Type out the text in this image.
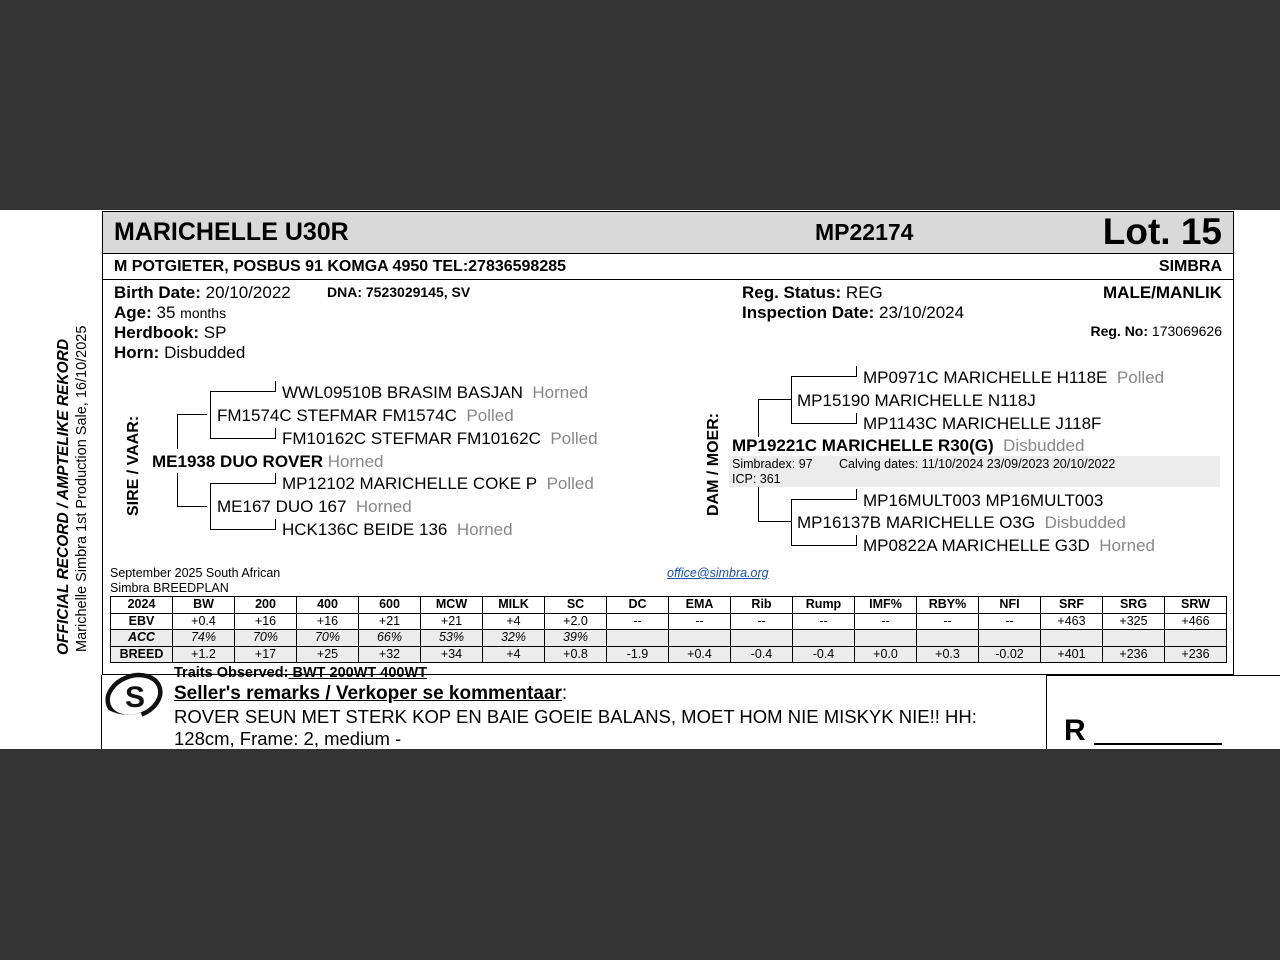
MARICHELLE U30R	MP22174	Lot. 15
M POTGIETER, POSBUS 91 KOMGA 4950 TEL:27836598285	SIMBRA
Birth Date: 20/10/2022	DNA: 7523029145, SV
Age: 35 months
Herdbook: SP
Horn: Disbudded
Reg. Status: REG	MALE/MANLIK
Inspection Date: 23/10/2024
Reg. No: 173069626
OFFICIAL RECORD / AMPTELIKE REKORD Marichelle Simbra 1st Production Sale, 16/10/2025 SIRE / VAAR:	DAM / MOER:
WWL09510B BRASIM BASJAN Horned
FM1574C STEFMAR FM1574C Polled
FM10162C STEFMAR FM10162C Polled
ME1938 DUO ROVER Horned
MP12102 MARICHELLE COKE P Polled
ME167 DUO 167 Horned
HCK136C BEIDE 136 Horned
MP0971C MARICHELLE H118E Polled
MP15190 MARICHELLE N118J
MP1143C MARICHELLE J118F
MP19221C MARICHELLE R30(G) Disbudded
Simbradex: 97 Calving dates: 11/10/2024 23/09/2023 20/10/2022
ICP: 361
MP16MULT003 MP16MULT003
MP16137B MARICHELLE O3G Disbudded
MP0822A MARICHELLE G3D Horned
September 2025 South African
Simbra BREEDPLAN
office@simbra.org
2024	BW	200	400	600	MCW	MILK	SC	DC	EMA	Rib	Rump	IMF%	RBY%	NFI	SRF	SRG	SRW
EBV	+0.4	+16	+16	+21	+21	+4	+2.0	--	--	--	--	--	--	--	+463	+325	+466
ACC	74%	70%	70%	66%	53%	32%	39%										
BREED	+1.2	+17	+25	+32	+34	+4	+0.8	-1.9	+0.4	-0.4	-0.4	+0.0	+0.3	-0.02	+401	+236	+236
S
Traits Observed: BWT 200WT 400WT
Seller's remarks / Verkoper se kommentaar:
ROVER SEUN MET STERK KOP EN BAIE GOEIE BALANS, MOET HOM NIE MISKYK NIE!! HH:
128cm, Frame: 2, medium -	R
